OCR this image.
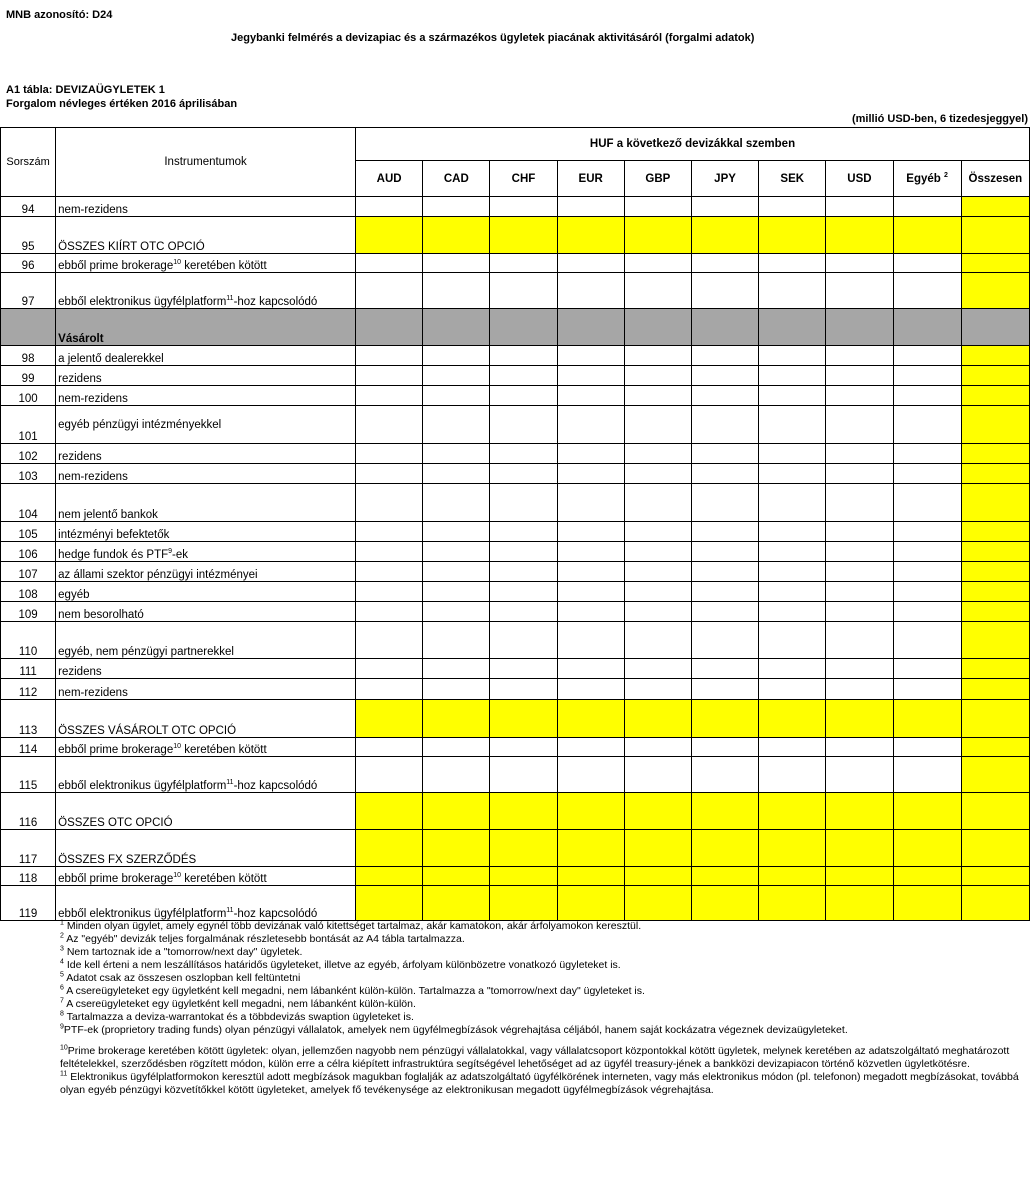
MNB azonosító: D24
Jegybanki felmérés a devizapiac és a származékos ügyletek piacának aktivitásáról (forgalmi adatok)
A1 tábla: DEVIZAÜGYLETEK 1
Forgalom névleges értéken 2016 áprilisában
(millió USD-ben, 6 tizedesjeggyel)
Sorszám	Instrumentumok	HUF a következő devizákkal szemben									
		AUD	CAD	CHF	EUR	GBP	JPY	SEK	USD	Egyéb $^2$	Összesen
94	nem-rezidens										
95	ÖSSZES KIÍRT OTC OPCIÓ										
96	ebből prime brokerage$^{10}$ keretében kötött										
97	ebből elektronikus ügyfélplatform$^{11}$-hoz kapcsolódó										
	Vásárolt										
98	a jelentő dealerekkel										
99	rezidens										
100	nem-rezidens										
101	egyéb pénzügyi intézményekkel										
102	rezidens										
103	nem-rezidens										
104	nem jelentő bankok										
105	intézményi befektetők										
106	hedge fundok és PTF$^9$-ek										
107	az állami szektor pénzügyi intézményei										
108	egyéb										
109	nem besorolható										
110	egyéb, nem pénzügyi partnerekkel										
111	rezidens										
112	nem-rezidens										
113	ÖSSZES VÁSÁROLT OTC OPCIÓ										
114	ebből prime brokerage$^{10}$ keretében kötött										
115	ebből elektronikus ügyfélplatform$^{11}$-hoz kapcsolódó										
116	ÖSSZES OTC OPCIÓ										
117	ÖSSZES FX SZERZŐDÉS										
118	ebből prime brokerage$^{10}$ keretében kötött										
119	ebből elektronikus ügyfélplatform$^{11}$-hoz kapcsolódó										

$^1$ Minden olyan ügylet, amely egynél több devizának való kitettséget tartalmaz, akár kamatokon, akár árfolyamokon keresztül.

$^2$ Az "egyéb" devizák teljes forgalmának részletesebb bontását az A4 tábla tartalmazza.

$^3$ Nem tartoznak ide a "tomorrow/next day" ügyletek.

$^4$ Ide kell érteni a nem leszállításos határidős ügyleteket, illetve az egyéb, árfolyam különbözetre vonatkozó ügyleteket is.

$^5$ Adatot csak az összesen oszlopban kell feltüntetni

$^6$ A csereügyleteket egy ügyletként kell megadni, nem lábanként külön-külön. Tartalmazza a "tomorrow/next day" ügyleteket is.

$^7$ A csereügyleteket egy ügyletként kell megadni, nem lábanként külön-külön.

$^8$ Tartalmazza a deviza-warrantokat és a többdevizás swaption ügyleteket is.

$^9$PTF-ek (proprietory trading funds) olyan pénzügyi vállalatok, amelyek nem ügyfélmegbízások végrehajtása céljából, hanem saját kockázatra végeznek devizaügyleteket.

$^{10}$Prime brokerage keretében kötött ügyletek: olyan, jellemzően nagyobb nem pénzügyi vállalatokkal, vagy vállalatcsoport központokkal kötött ügyletek, melynek keretében az adatszolgáltató meghatározott feltételekkel, szerződésben rögzített módon, külön erre a célra kiépített infrastruktúra segítségével lehetőséget ad az ügyfél treasury-jének a bankközi devizapiacon történő közvetlen ügyletkötésre.

$^{11}$ Elektronikus ügyfélplatformokon keresztül adott megbízások magukban foglalják az adatszolgáltató ügyfélkörének interneten, vagy más elektronikus módon (pl. telefonon) megadott megbízásokat, továbbá olyan egyéb pénzügyi közvetítőkkel kötött ügyleteket, amelyek fő tevékenysége az elektronikusan megadott ügyfélmegbízások végrehajtása.
